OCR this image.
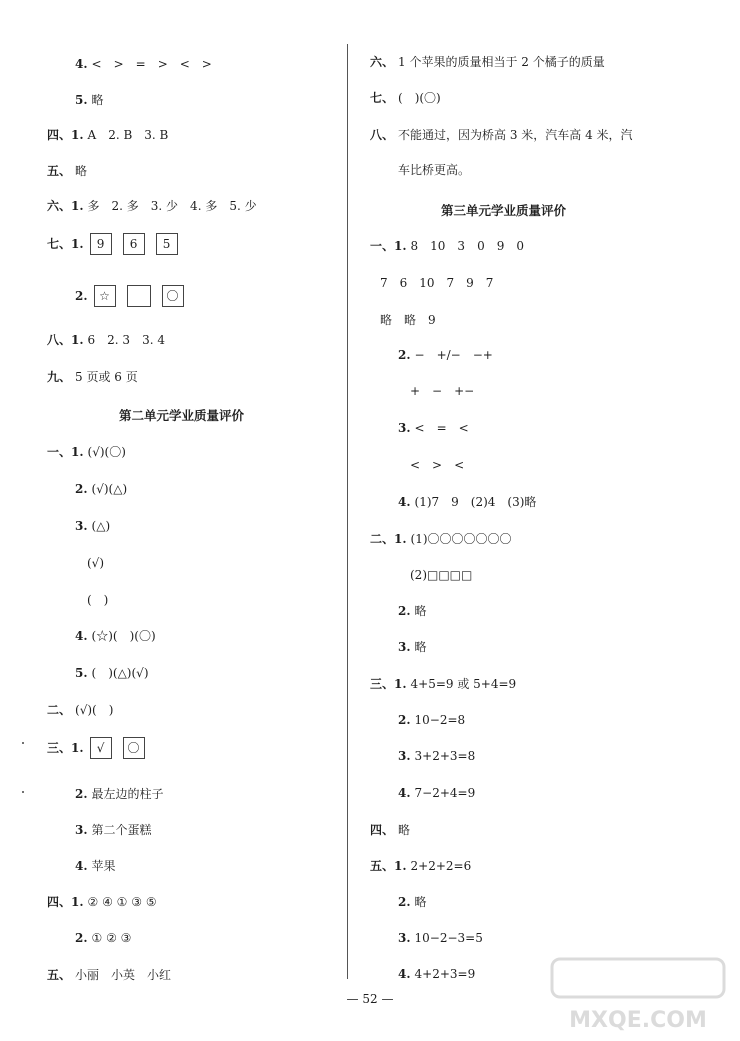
4. <　>　=　>　<　>
5. 略
四、1. A　2. B　3. B
五、 略
六、1. 多　2. 多　3. 少　4. 多　5. 少
七、1. 9 6 5
2. ☆	〇
八、1. 6　2. 3　3. 4
九、 5 页或 6 页
第二单元学业质量评价
一、1. (√)(〇)
2. (√)(△)
3. (△)
(√)
(　)
4. (☆)(　)(〇)
5. (　)(△)(√)
二、 (√)(　)
三、1. √ 〇
2. 最左边的柱子
3. 第二个蛋糕
4. 苹果
四、1. ② ④ ① ③ ⑤
2. ① ② ③
五、 小丽　小英　小红
六、 1 个苹果的质量相当于 2 个橘子的质量
七、 (　)(〇)
八、 不能通过，因为桥高 3 米，汽车高 4 米，汽
车比桥更高。
第三单元学业质量评价
一、1. 8　10　3　0　9　0
7　6　10　7　9　7
略　略　9
2. −　+/−　−+
+　−　+−
3. <　=　<
<　>　<
4. (1)7　9　(2)4　(3)略
二、1. (1)〇〇〇〇〇〇〇
(2)□□□□
2. 略
3. 略
三、1. 4+5=9 或 5+4=9
2. 10−2=8
3. 3+2+3=8
4. 7−2+4=9
四、 略
五、1. 2+2+2=6
2. 略
3. 10−2−3=5
4. 4+2+3=9
— 52 —
MXQE.COM
